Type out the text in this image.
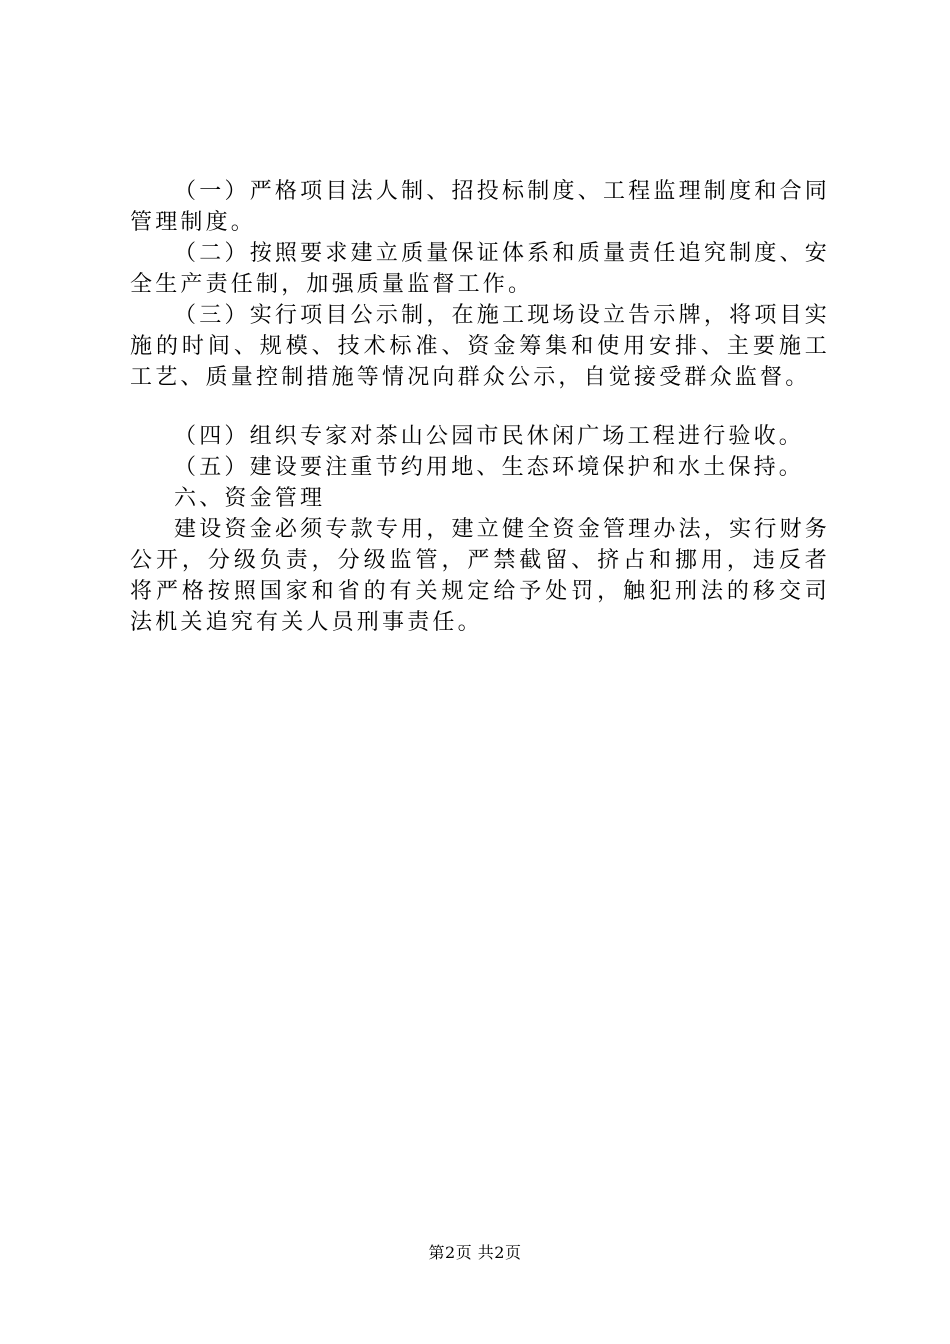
（一）严格项目法人制、招投标制度、工程监理制度和合同管理制度。

（二）按照要求建立质量保证体系和质量责任追究制度、安全生产责任制，加强质量监督工作。

（三）实行项目公示制，在施工现场设立告示牌，将项目实施的时间、规模、技术标准、资金筹集和使用安排、主要施工工艺、质量控制措施等情况向群众公示，自觉接受群众监督。

（四）组织专家对茶山公园市民休闲广场工程进行验收。

（五）建设要注重节约用地、生态环境保护和水土保持。

六、资金管理

建设资金必须专款专用，建立健全资金管理办法，实行财务公开，分级负责，分级监管，严禁截留、挤占和挪用，违反者将严格按照国家和省的有关规定给予处罚，触犯刑法的移交司法机关追究有关人员刑事责任。

第2页 共2页
